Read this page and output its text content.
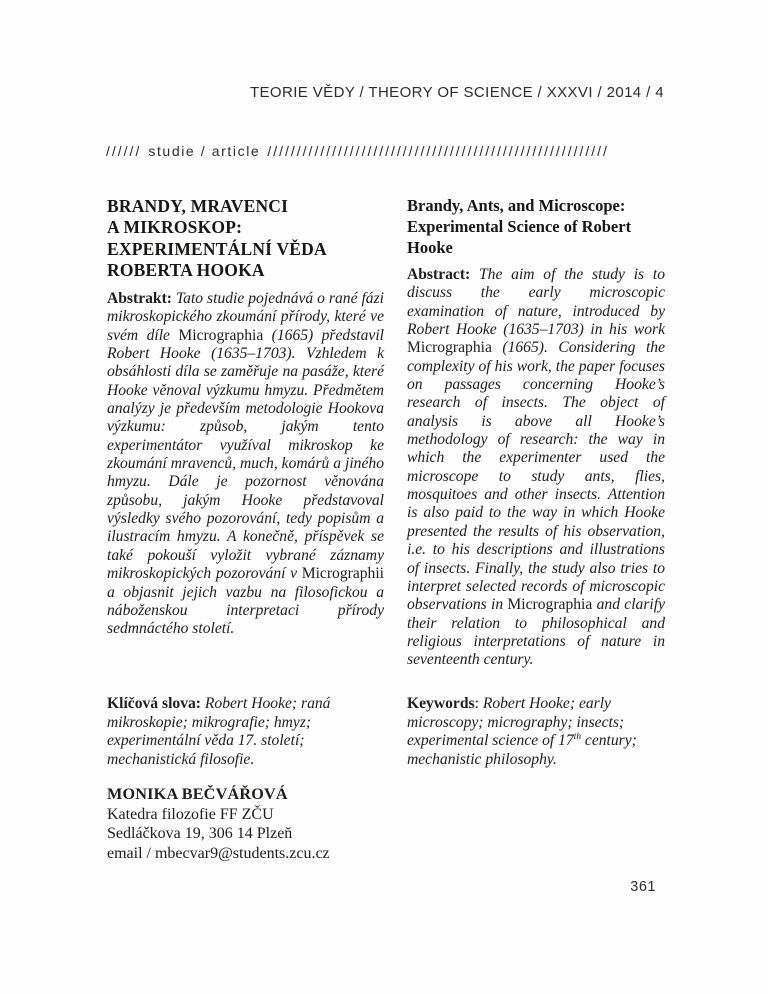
TEORIE VĚDY / THEORY OF SCIENCE / XXXVI / 2014 / 4
////// studie / article //////////////////////////////////////////////////////////
BRANDY, MRAVENCI
A MIKROSKOP:
EXPERIMENTÁLNÍ VĚDA
ROBERTA HOOKA
Abstrakt: Tato studie pojednává o rané fázi mikroskopického zkoumání přírody, které ve svém díle Micrographia (1665) představil Robert Hooke (1635–1703). Vzhledem k obsáhlosti díla se zaměřuje na pasáže, které Hooke věnoval výzkumu hmyzu. Předmětem analýzy je především metodologie Hookova výzkumu: způsob, jakým tento experimentátor využíval mikroskop ke zkoumání mravenců, much, komárů a jiného hmyzu. Dále je pozornost věnována způsobu, jakým Hooke představoval výsledky svého pozorování, tedy popisům a ilustracím hmyzu. A konečně, příspěvek se také pokouší vyložit vybrané záznamy mikroskopických pozorování v Micrographii a objasnit jejich vazbu na filosofickou a náboženskou interpretaci přírody sedmnáctého století.
Klíčová slova: Robert Hooke; raná mikroskopie; mikrografie; hmyz; experimentální věda 17. století; mechanistická filosofie.
MONIKA BEČVÁŘOVÁ
Katedra filozofie FF ZČU
Sedláčkova 19, 306 14 Plzeň
email / mbecvar9@students.zcu.cz
Brandy, Ants, and Microscope:
Experimental Science of Robert
Hooke
Abstract: The aim of the study is to discuss the early microscopic examination of nature, introduced by Robert Hooke (1635–1703) in his work Micrographia (1665). Considering the complexity of his work, the paper focuses on passages concerning Hooke’s research of insects. The object of analysis is above all Hooke’s methodology of research: the way in which the experimenter used the microscope to study ants, flies, mosquitoes and other insects. Attention is also paid to the way in which Hooke presented the results of his observation, i.e. to his descriptions and illustrations of insects. Finally, the study also tries to interpret selected records of microscopic observations in Micrographia and clarify their relation to philosophical and religious interpretations of nature in seventeenth century.
Keywords: Robert Hooke; early microscopy; micrography; insects; experimental science of 17th century; mechanistic philosophy.
361
